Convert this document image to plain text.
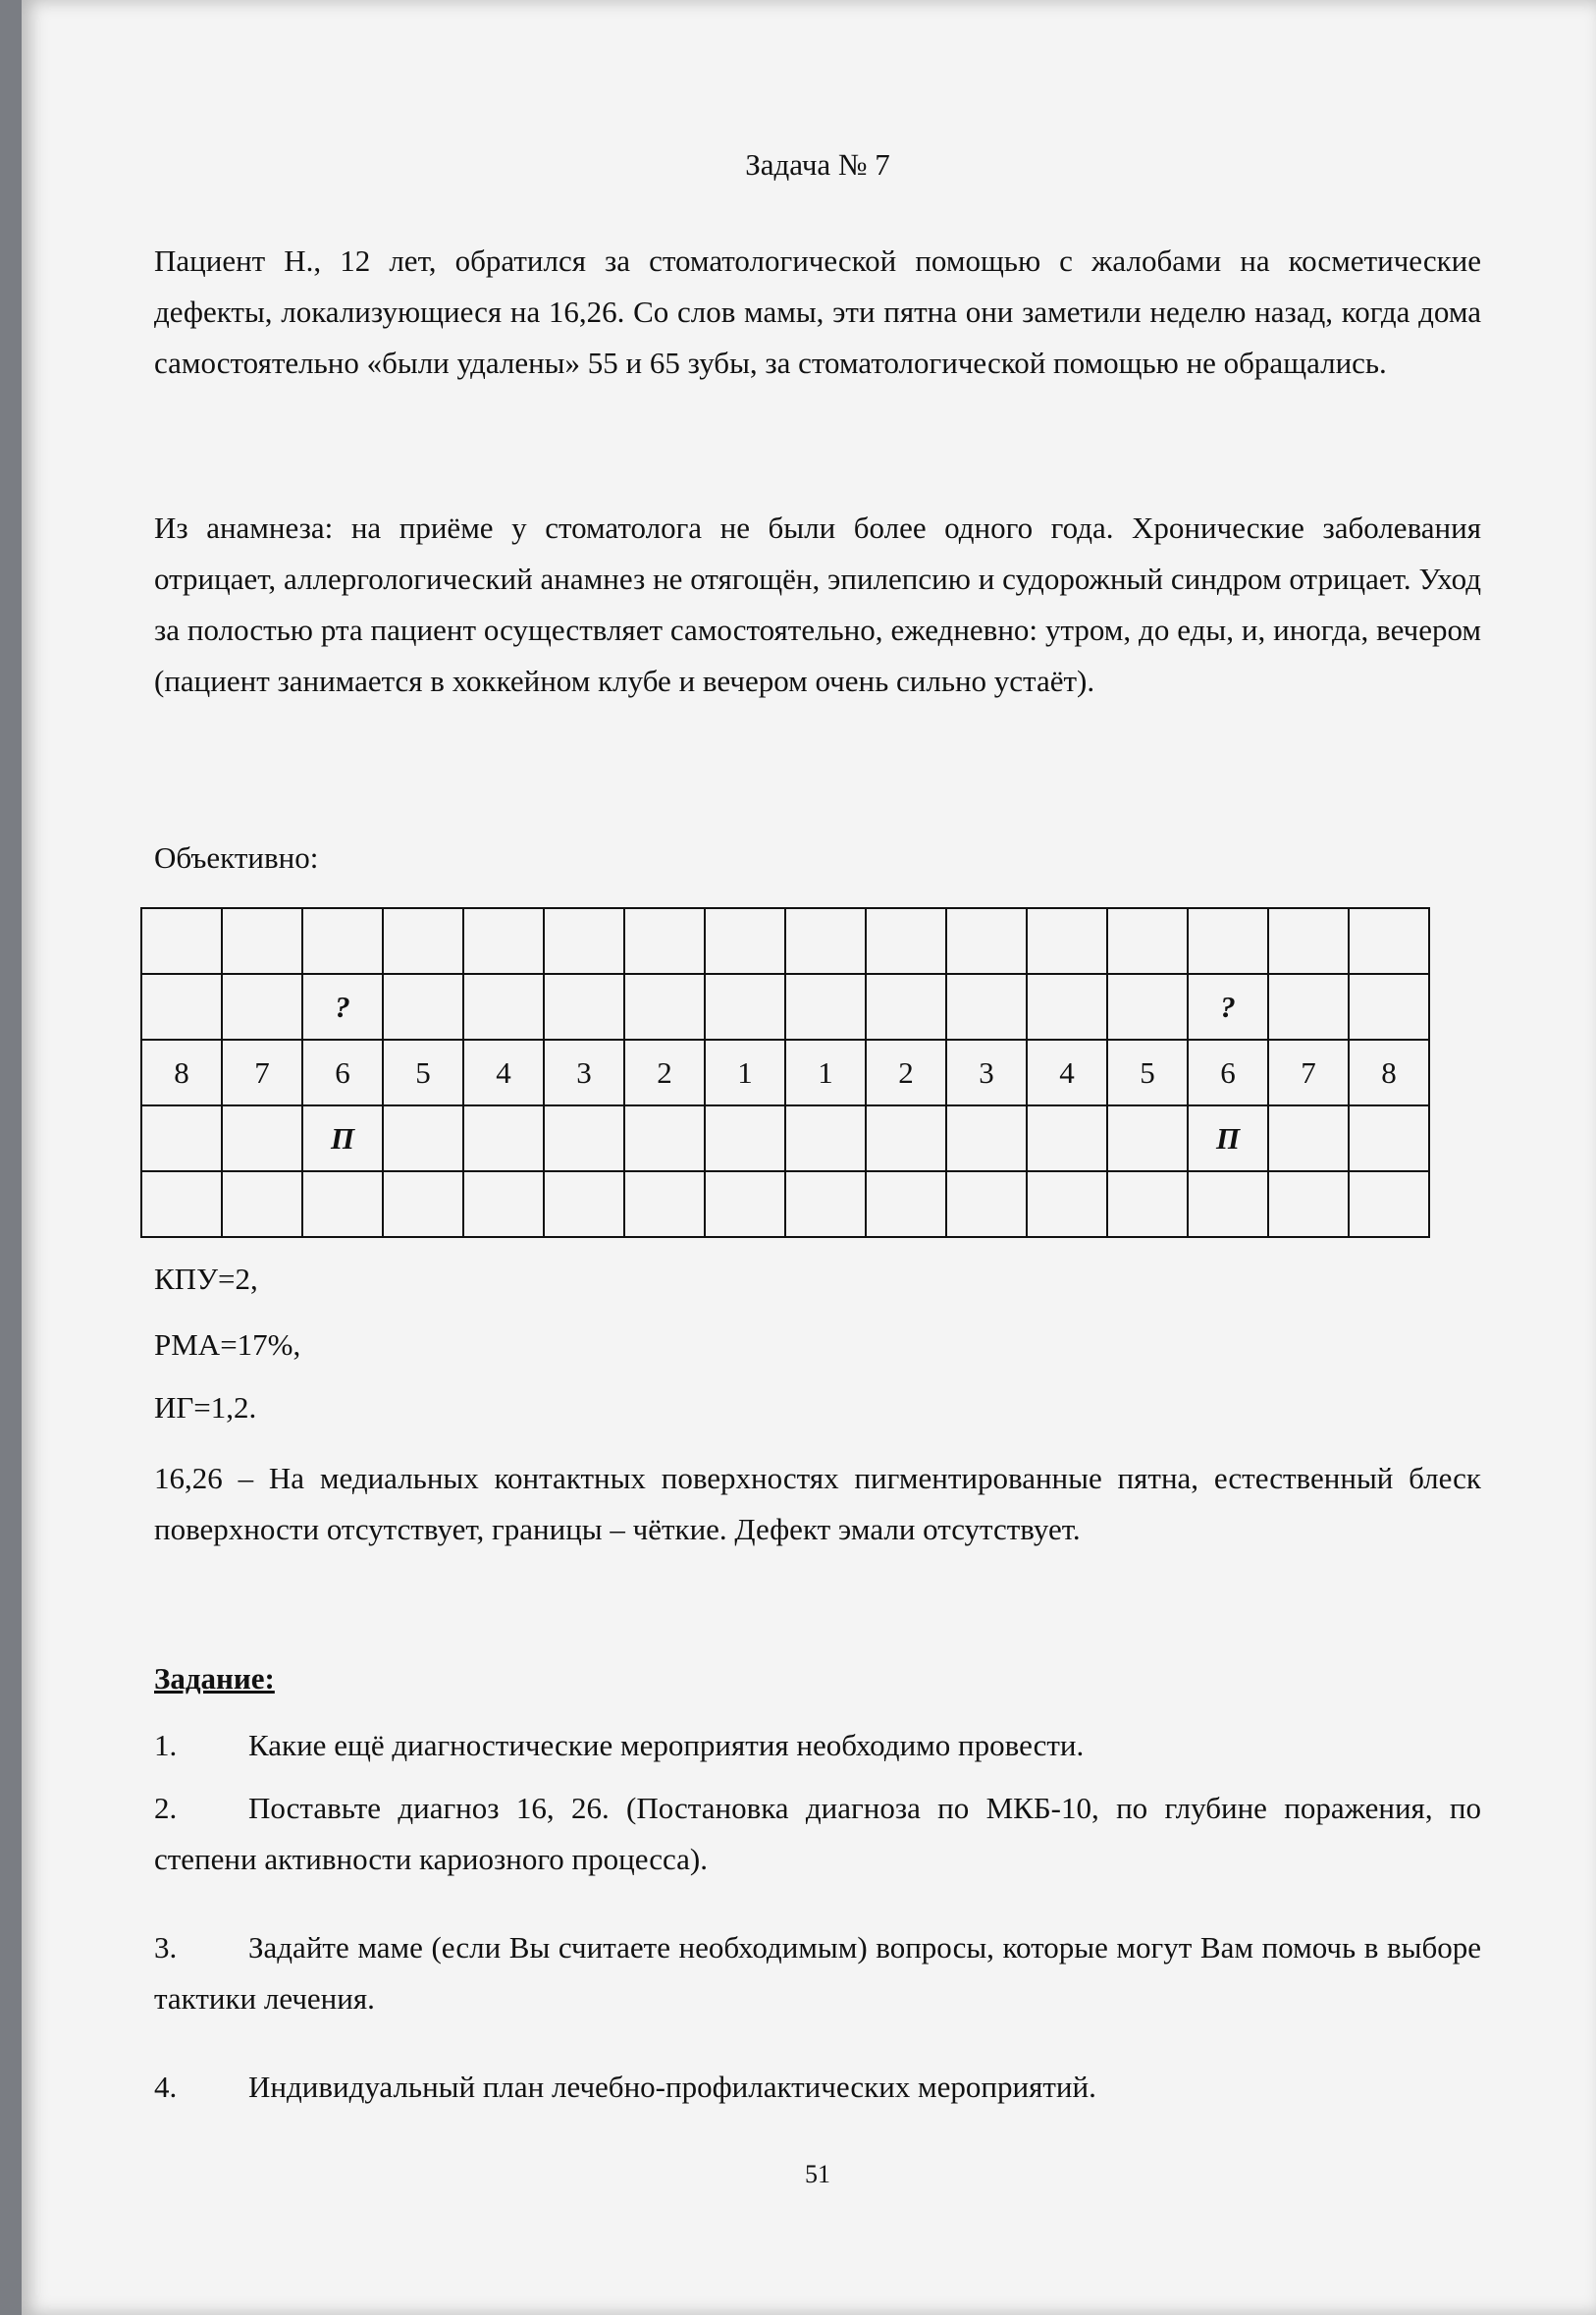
Задача № 7

Пациент Н., 12 лет, обратился за стоматологической помощью с жалобами на косметические дефекты, локализующиеся на 16,26. Со слов мамы, эти пятна они заметили неделю назад, когда дома самостоятельно «были удалены» 55 и 65 зубы, за стоматологической помощью не обращались.

Из анамнеза: на приёме у стоматолога не были более одного года. Хронические заболевания отрицает, аллергологический анамнез не отягощён, эпилепсию и судорожный синдром отрицает. Уход за полостью рта пациент осуществляет самостоятельно, ежедневно: утром, до еды, и, иногда, вечером (пациент занимается в хоккейном клубе и вечером очень сильно устаёт).

Объективно:

		?											?		
8	7	6	5	4	3	2	1	1	2	3	4	5	6	7	8
		П											П		

КПУ=2,
РМА=17%,
ИГ=1,2.

16,26 – На медиальных контактных поверхностях пигментированные пятна, естественный блеск поверхности отсутствует, границы – чёткие. Дефект эмали отсутствует.

Задание:

1. Какие ещё диагностические мероприятия необходимо провести.

2. Поставьте диагноз 16, 26. (Постановка диагноза по МКБ-10, по глубине поражения, по степени активности кариозного процесса).

3. Задайте маме (если Вы считаете необходимым) вопросы, которые могут Вам помочь в выборе тактики лечения.

4. Индивидуальный план лечебно-профилактических мероприятий.

51
